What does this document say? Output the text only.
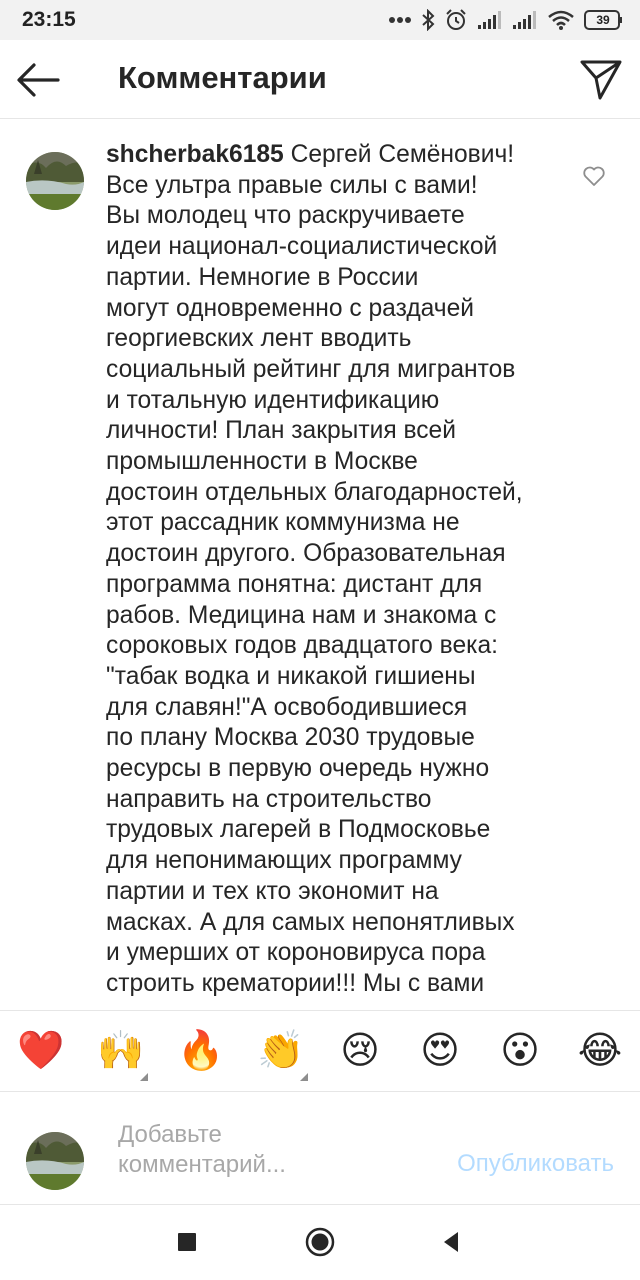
23:15	39
Комментарии
shcherbak6185 Сергей Семёнович!
Все ультра правые силы с вами!
Вы молодец что раскручиваете
идеи национал-социалистической
партии. Немногие в России
могут одновременно с раздачей
георгиевских лент вводить
социальный рейтинг для мигрантов
и тотальную идентификацию
личности! План закрытия всей
промышленности в Москве
достоин отдельных благодарностей,
этот рассадник коммунизма не
достоин другого. Образовательная
программа понятна: дистант для
рабов. Медицина нам и знакома с
сороковых годов двадцатого века:
"табак водка и никакой гишиены
для славян!"А освободившиеся
по плану Москва 2030 трудовые
ресурсы в первую очередь нужно
направить на строительство
трудовых лагерей в Подмосковье
для непонимающих программу
партии и тех кто экономит на
масках. А для самых непонятливых
и умерших от короновируса пора
строить крематории!!! Мы с вами
❤️ 🙌 🔥 👏 😢 😍 😮 😂
Добавьте
комментарий...	Опубликовать
